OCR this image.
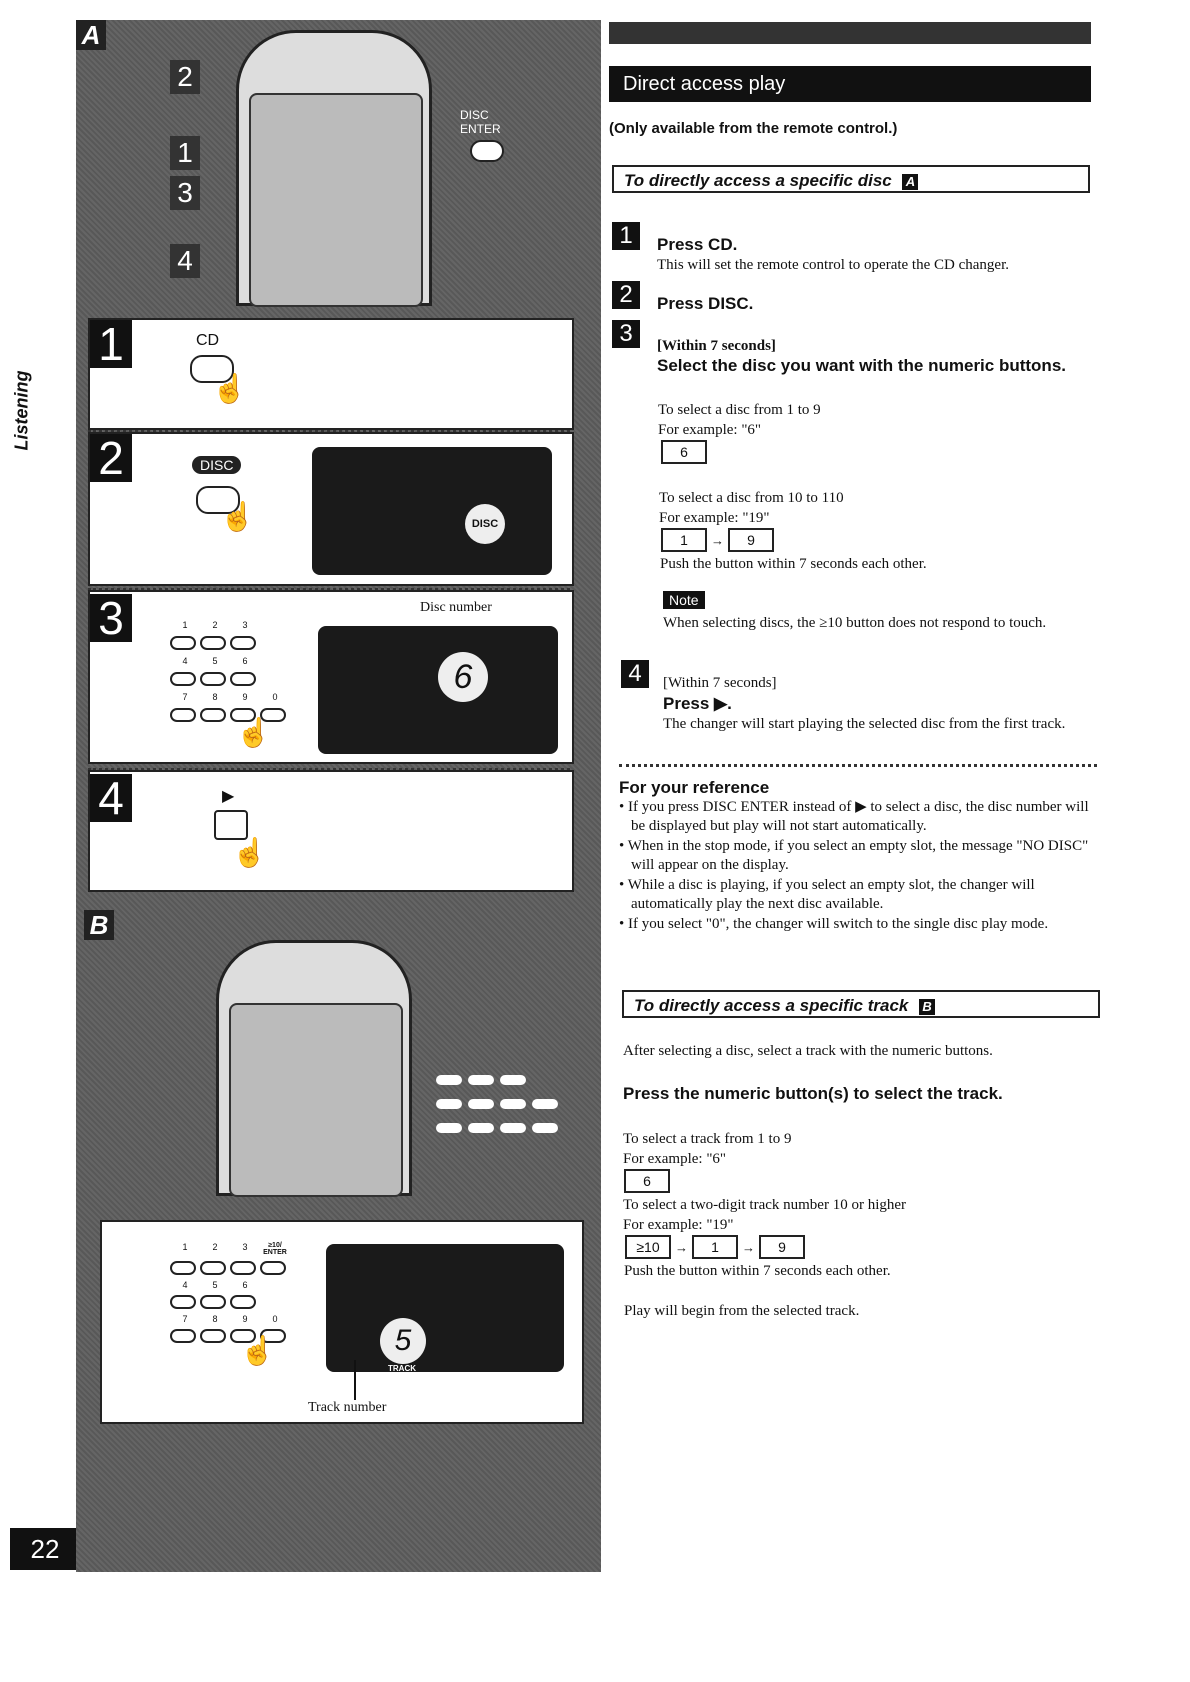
Listening
22
A
DISC ENTER
2
1
3
4
1	CD
☝
2	DISC
☝	DISC
3	1	2	3
4	5	6
7	8	9	0
☝
Disc number
6
4	▶
☝
B
1	2	3	≥10/ ENTER
4	5	6
7	8	9	0
☝	5
TRACK
Track number
Direct access play
(Only available from the remote control.)
To directly access a specific disc A
1	Press CD.
This will set the remote control to operate the CD changer.
2	Press DISC.
3	[Within 7 seconds]
Select the disc you want with the numeric buttons.
To select a disc from 1 to 9
For example: "6"
6
To select a disc from 10 to 110
For example: "19"
1 → 9
Push the button within 7 seconds each other.
Note
When selecting discs, the ≥10 button does not respond to touch.
4	[Within 7 seconds]
Press ▶.
The changer will start playing the selected disc from the first track.
For your reference
• If you press DISC ENTER instead of ▶ to select a disc, the disc number will be displayed but play will not start automatically.
• When in the stop mode, if you select an empty slot, the message "NO DISC" will appear on the display.
• While a disc is playing, if you select an empty slot, the changer will automatically play the next disc available.
• If you select "0", the changer will switch to the single disc play mode.
To directly access a specific track B
After selecting a disc, select a track with the numeric buttons.
Press the numeric button(s) to select the track.
To select a track from 1 to 9
For example: "6"
6
To select a two-digit track number 10 or higher
For example: "19"
≥10 → 1 → 9
Push the button within 7 seconds each other.
Play will begin from the selected track.
